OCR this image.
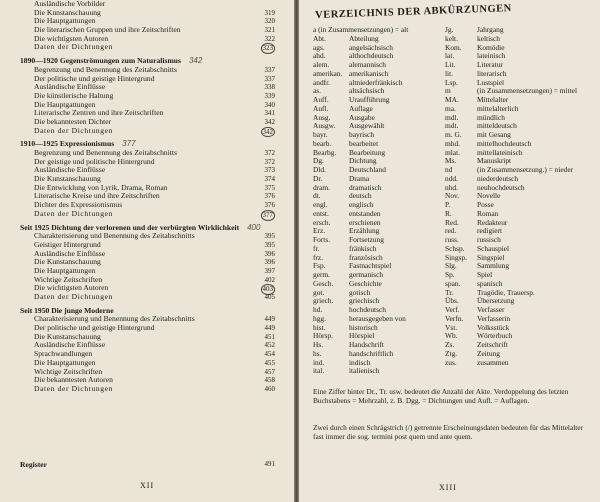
Ausländische Vorbilder
Die Kunstanschauung	319
Die Hauptgattungen	320
Die literarischen Gruppen und ihre Zeitschriften	321
Die wichtigsten Autoren	322
Daten der Dichtungen	323
1890—1920 Gegenströmungen zum Naturalismus 342
Begrenzung und Benennung des Zeitabschnitts	337
Der politische und geistige Hintergrund	337
Ausländische Einflüsse	338
Die künstlerische Haltung	339
Die Hauptgattungen	340
Literarische Zentren und ihre Zeitschriften	341
Die bekanntesten Dichter	342
Daten der Dichtungen	342
1910—1925 Expressionismus 377
Begrenzung und Benennung des Zeitabschnitts	372
Der geistige und politische Hintergrund	372
Ausländische Einflüsse	373
Die Kunstanschauung	374
Die Entwicklung von Lyrik, Drama, Roman	375
Literarische Kreise und ihre Zeitschriften	376
Dichter des Expressionismus	376
Daten der Dichtungen	377
Seit 1925 Dichtung der verlorenen und der verbürgten Wirklichkeit 400
Charakterisierung und Benennung des Zeitabschnitts	395
Geistiger Hintergrund	395
Ausländische Einflüsse	396
Die Kunstanschauung	396
Die Hauptgattungen	397
Wichtige Zeitschriften	402
Die wichtigsten Autoren	403
Daten der Dichtungen	405
Seit 1950 Die junge Moderne
Charakterisierung und Benennung des Zeitabschnitts	449
Der politische und geistige Hintergrund	449
Die Kunstanschauung	451
Ausländische Einflüsse	452
Sprachwandlungen	454
Die Hauptgattungen	455
Wichtige Zeitschriften	457
Die bekanntesten Autoren	458
Daten der Dichtungen	460
Register	491
XII
VERZEICHNIS DER ABKÜRZUNGEN
a (in Zusammensetzungen) = alt
Abt.	Abteilung
ags.	angelsächsisch
ahd.	althochdeutsch
alem.	alemannisch
amerikan. amerikanisch
andfr.	altniederfränkisch
as.	altsächsisch
Auff.	Uraufführung
Aufl.	Auflage
Ausg.	Ausgabe
Ausgw. Ausgewählt
bayr.	bayrisch
bearb. bearbeitet
Bearbg. Bearbeitung
Dg.	Dichtung
Dld.	Deutschland
Dr.	Drama
dram.	dramatisch
dt.	deutsch
engl.	englisch
entst.	entstanden
ersch.	erschienen
Erz.	Erzählung
Forts.	Fortsetzung
fr.	fränkisch
frz.	französisch
Fsp.	Fastnachtspiel
germ.	germanisch
Gesch. Geschichte
got.	gotisch
griech. griechisch
hd.	hochdeutsch
hgg.	herausgegeben von
hist.	historisch
Hörsp. Hörspiel
Hs.	Handschrift
hs.	handschriftlich
ind.	indisch
ital.	italienisch
Jg.	Jahrgang
kelt.	keltisch
Kom. Komödie
lat.	lateinisch
Lit.	Literatur
lit.	literarisch
Lsp.	Lustspiel
m	(in Zusammensetzungen) = mittel
MA. Mittelalter
ma.	mittelalterlich
mdl.	mündlich
mdt.	mitteldeutsch
m. G. mit Gesang
mhd. mittelhochdeutsch
mlat. mittellateinisch
Ms.	Manuskript
nd	(in Zusammensetzung.) = nieder
ndd.	niederdeutsch
nhd.	neuhochdeutsch
Nov. Novelle
P.	Posse
R.	Roman
Red. Redakteur
red.	redigiert
russ. russisch
Schsp. Schauspiel
Singsp. Singspiel
Slg.	Sammlung
Sp.	Spiel
span. spanisch
Tr.	Tragödie, Trauersp.
Übs. Übersetzung
Verf. Verfasser
Verfn. Verfasserin
Vst.	Volksstück
Wb.	Wörterbuch
Zs.	Zeitschrift
Ztg.	Zeitung
zus.	zusammen
Eine Ziffer hinter Dr., Tr. usw. bedeutet die Anzahl der Akte. Verdoppelung des letzten Buchstabens = Mehrzahl, z. B. Dgg. = Dichtungen und Aufl. = Auflagen.
Zwei durch einen Schrägstrich (/) getrennte Erscheinungsdaten bedeuten für das Mittelalter fast immer die sog. termini post quem und ante quem.
XIII
